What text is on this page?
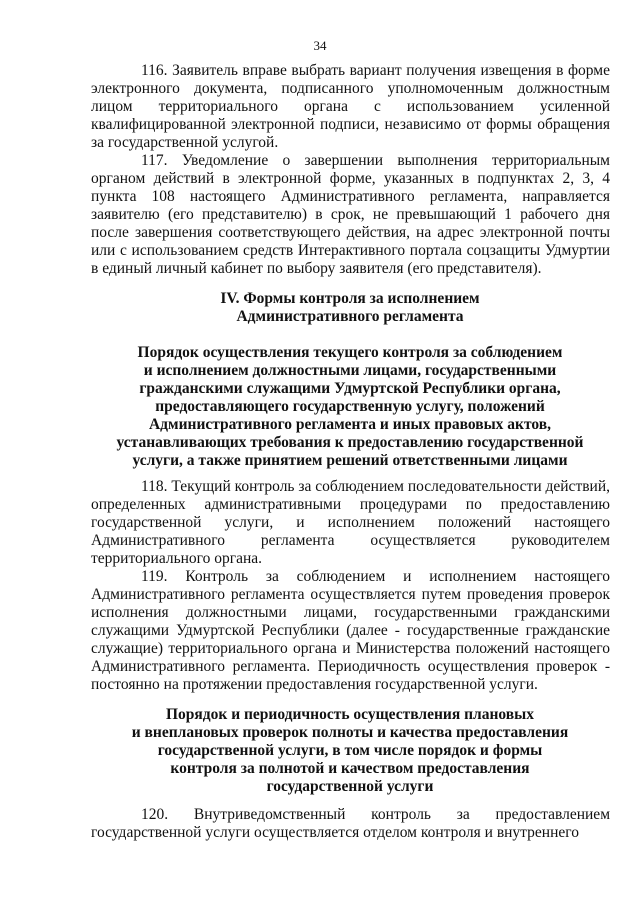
34

116. Заявитель вправе выбрать вариант получения извещения в форме электронного документа, подписанного уполномоченным должностным лицом территориального органа с использованием усиленной квалифицированной электронной подписи, независимо от формы обращения за государственной услугой.

117. Уведомление о завершении выполнения территориальным органом действий в электронной форме, указанных в подпунктах 2, 3, 4 пункта 108 настоящего Административного регламента, направляется заявителю (его представителю) в срок, не превышающий 1 рабочего дня после завершения соответствующего действия, на адрес электронной почты или с использованием средств Интерактивного портала соцзащиты Удмуртии в единый личный кабинет по выбору заявителя (его представителя).

IV. Формы контроля за исполнением
Административного регламента
Порядок осуществления текущего контроля за соблюдением
и исполнением должностными лицами, государственными
гражданскими служащими Удмуртской Республики органа,
предоставляющего государственную услугу, положений
Административного регламента и иных правовых актов,
устанавливающих требования к предоставлению государственной
услуги, а также принятием решений ответственными лицами

118. Текущий контроль за соблюдением последовательности действий, определенных административными процедурами по предоставлению государственной услуги, и исполнением положений настоящего Административного регламента осуществляется руководителем территориального органа.

119. Контроль за соблюдением и исполнением настоящего Административного регламента осуществляется путем проведения проверок исполнения должностными лицами, государственными гражданскими служащими Удмуртской Республики (далее - государственные гражданские служащие) территориального органа и Министерства положений настоящего Административного регламента. Периодичность осуществления проверок - постоянно на протяжении предоставления государственной услуги.

Порядок и периодичность осуществления плановых
и внеплановых проверок полноты и качества предоставления
государственной услуги, в том числе порядок и формы
контроля за полнотой и качеством предоставления
государственной услуги

120. Внутриведомственный контроль за предоставлением государственной услуги осуществляется отделом контроля и внутреннего
